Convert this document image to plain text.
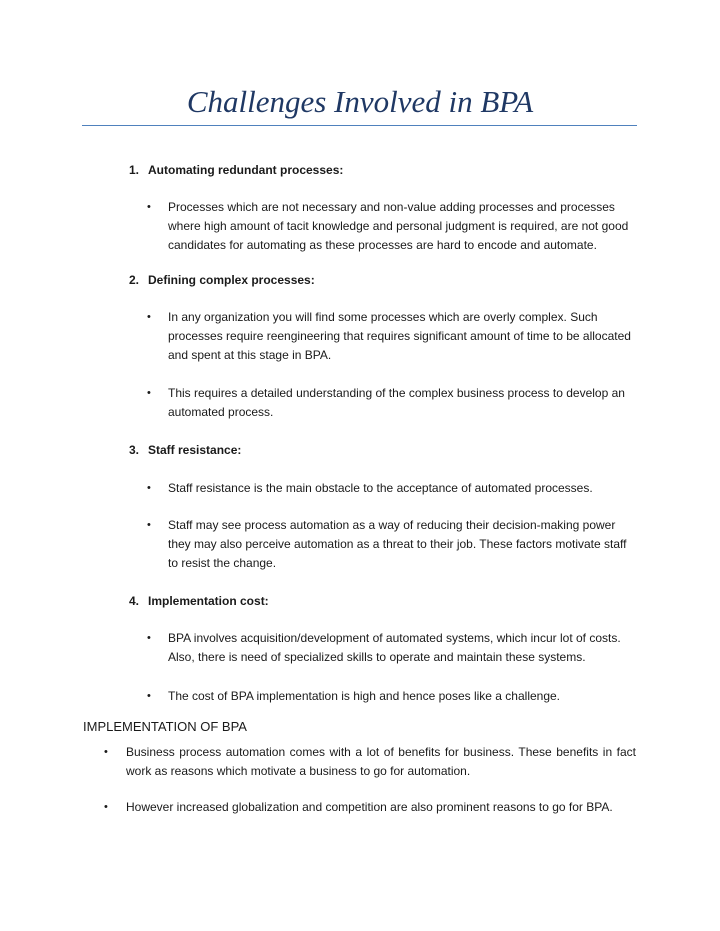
Challenges Involved in BPA

1. Automating redundant processes:

• Processes which are not necessary and non-value adding processes and processes where high amount of tacit knowledge and personal judgment is required, are not good candidates for automating as these processes are hard to encode and automate.

2. Defining complex processes:

• In any organization you will find some processes which are overly complex. Such processes require reengineering that requires significant amount of time to be allocated and spent at this stage in BPA.
• This requires a detailed understanding of the complex business process to develop an automated process.

3. Staff resistance:

• Staff resistance is the main obstacle to the acceptance of automated processes.
• Staff may see process automation as a way of reducing their decision-making power they may also perceive automation as a threat to their job. These factors motivate staff to resist the change.

4. Implementation cost:

• BPA involves acquisition/development of automated systems, which incur lot of costs. Also, there is need of specialized skills to operate and maintain these systems.
• The cost of BPA implementation is high and hence poses like a challenge.
IMPLEMENTATION OF BPA
• Business process automation comes with a lot of benefits for business. These benefits in fact work as reasons which motivate a business to go for automation.
• However increased globalization and competition are also prominent reasons to go for BPA.
